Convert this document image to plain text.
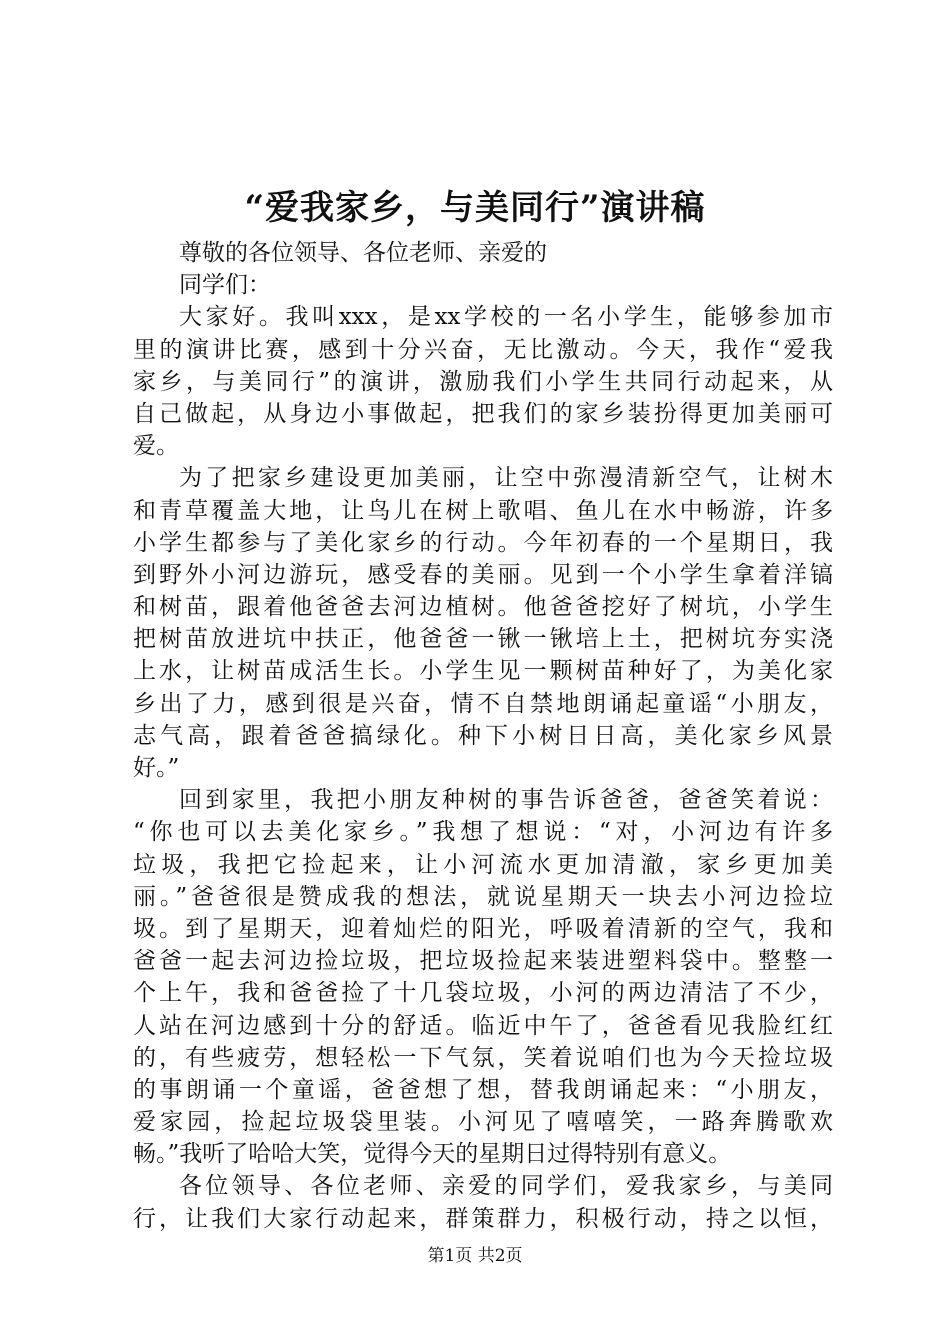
“爱我家乡，与美同行”演讲稿
尊敬的各位领导、各位老师、亲爱的
同学们：
大家好。我叫xxx，是xx学校的一名小学生，能够参加市
里的演讲比赛，感到十分兴奋，无比激动。今天，我作“爱我
家乡，与美同行”的演讲，激励我们小学生共同行动起来，从
自己做起，从身边小事做起，把我们的家乡装扮得更加美丽可
爱。
为了把家乡建设更加美丽，让空中弥漫清新空气，让树木
和青草覆盖大地，让鸟儿在树上歌唱、鱼儿在水中畅游，许多
小学生都参与了美化家乡的行动。今年初春的一个星期日，我
到野外小河边游玩，感受春的美丽。见到一个小学生拿着洋镐
和树苗，跟着他爸爸去河边植树。他爸爸挖好了树坑，小学生
把树苗放进坑中扶正，他爸爸一锹一锹培上土，把树坑夯实浇
上水，让树苗成活生长。小学生见一颗树苗种好了，为美化家
乡出了力，感到很是兴奋，情不自禁地朗诵起童谣“小朋友，
志气高，跟着爸爸搞绿化。种下小树日日高，美化家乡风景
好。”
回到家里，我把小朋友种树的事告诉爸爸，爸爸笑着说：
“你也可以去美化家乡。”我想了想说：“对，小河边有许多
垃圾，我把它捡起来，让小河流水更加清澈，家乡更加美
丽。”爸爸很是赞成我的想法，就说星期天一块去小河边捡垃
圾。到了星期天，迎着灿烂的阳光，呼吸着清新的空气，我和
爸爸一起去河边捡垃圾，把垃圾捡起来装进塑料袋中。整整一
个上午，我和爸爸捡了十几袋垃圾，小河的两边清洁了不少，
人站在河边感到十分的舒适。临近中午了，爸爸看见我脸红红
的，有些疲劳，想轻松一下气氛，笑着说咱们也为今天捡垃圾
的事朗诵一个童谣，爸爸想了想，替我朗诵起来：“小朋友，
爱家园，捡起垃圾袋里装。小河见了嘻嘻笑，一路奔腾歌欢
畅。”我听了哈哈大笑，觉得今天的星期日过得特别有意义。
各位领导、各位老师、亲爱的同学们，爱我家乡，与美同
行，让我们大家行动起来，群策群力，积极行动，持之以恒，
第1页 共2页
